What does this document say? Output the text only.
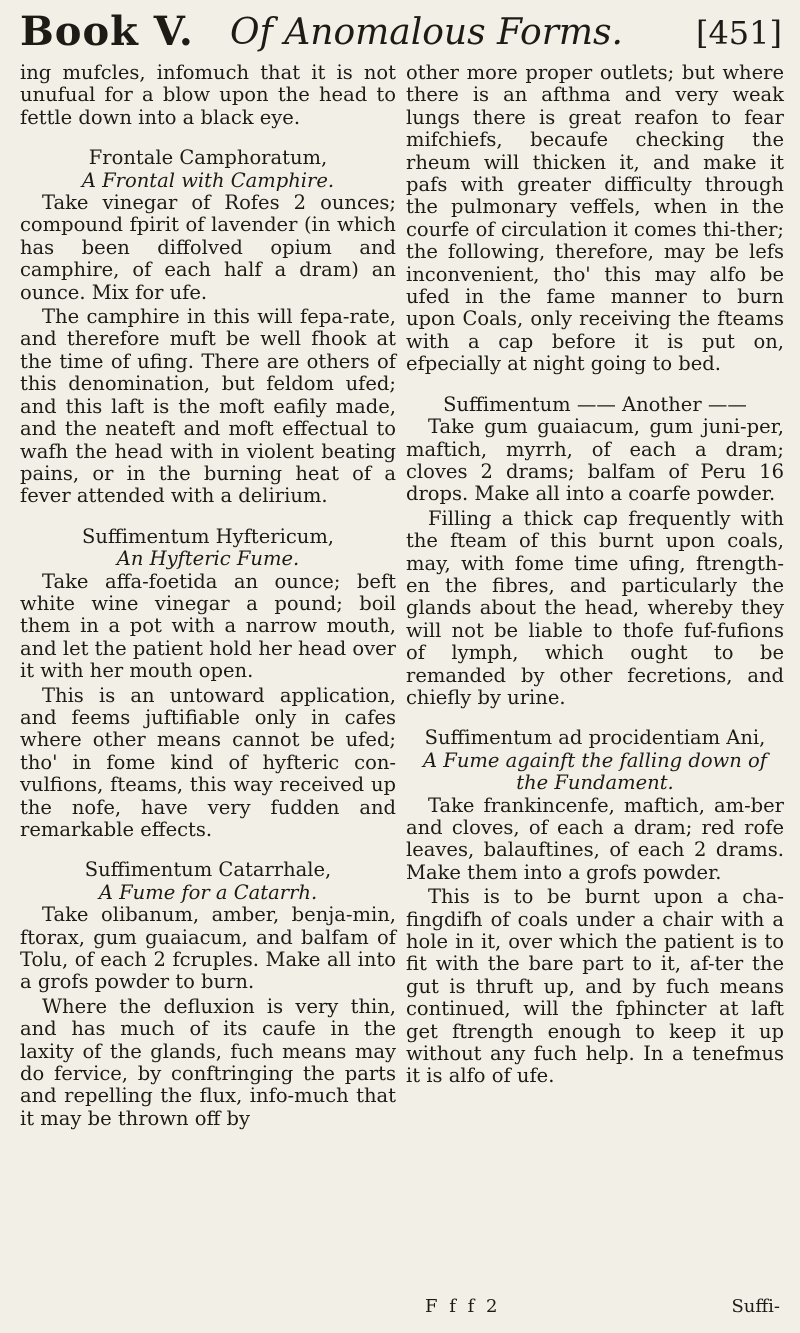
Book V. Of Anomalous Forms. [451]

ing mufcles, infomuch that it is not unufual for a blow upon the head to fettle down into a black eye.

Frontale Camphoratum,

A Frontal with Camphire.

Take vinegar of Rofes 2 ounces; compound fpirit of lavender (in which has been diffolved opium and camphire, of each half a dram) an ounce. Mix for ufe.

The camphire in this will fepa-rate, and therefore muft be well fhook at the time of ufing. There are others of this denomination, but feldom ufed; and this laft is the moft eafily made, and the neateft and moft effectual to wafh the head with in violent beating pains, or in the burning heat of a fever attended with a delirium.

Suffimentum Hyftericum,

An Hyfteric Fume.

Take affa-foetida an ounce; beft white wine vinegar a pound; boil them in a pot with a narrow mouth, and let the patient hold her head over it with her mouth open.

This is an untoward application, and feems juftifiable only in cafes where other means cannot be ufed; tho' in fome kind of hyfteric con-vulfions, fteams, this way received up the nofe, have very fudden and remarkable effects.

Suffimentum Catarrhale,

A Fume for a Catarrh.

Take olibanum, amber, benja-min, ftorax, gum guaiacum, and balfam of Tolu, of each 2 fcruples. Make all into a grofs powder to burn.

Where the defluxion is very thin, and has much of its caufe in the laxity of the glands, fuch means may do fervice, by conftringing the parts and repelling the flux, info-much that it may be thrown off by

other more proper outlets; but where there is an afthma and very weak lungs there is great reafon to fear mifchiefs, becaufe checking the rheum will thicken it, and make it pafs with greater difficulty through the pulmonary veffels, when in the courfe of circulation it comes thi-ther; the following, therefore, may be lefs inconvenient, tho' this may alfo be ufed in the fame manner to burn upon Coals, only receiving the fteams with a cap before it is put on, efpecially at night going to bed.

Suffimentum —— Another ——

Take gum guaiacum, gum juni-per, maftich, myrrh, of each a dram; cloves 2 drams; balfam of Peru 16 drops. Make all into a coarfe powder.

Filling a thick cap frequently with the fteam of this burnt upon coals, may, with fome time ufing, ftrength-en the fibres, and particularly the glands about the head, whereby they will not be liable to thofe fuf-fufions of lymph, which ought to be remanded by other fecretions, and chiefly by urine.

Suffimentum ad procidentiam Ani,

A Fume againft the falling down of the Fundament.

Take frankincenfe, maftich, am-ber and cloves, of each a dram; red rofe leaves, balauftines, of each 2 drams. Make them into a grofs powder.

This is to be burnt upon a cha-fingdifh of coals under a chair with a hole in it, over which the patient is to fit with the bare part to it, af-ter the gut is thruft up, and by fuch means continued, will the fphincter at laft get ftrength enough to keep it up without any fuch help. In a tenefmus it is alfo of ufe.

F f f 2	Suffi-
